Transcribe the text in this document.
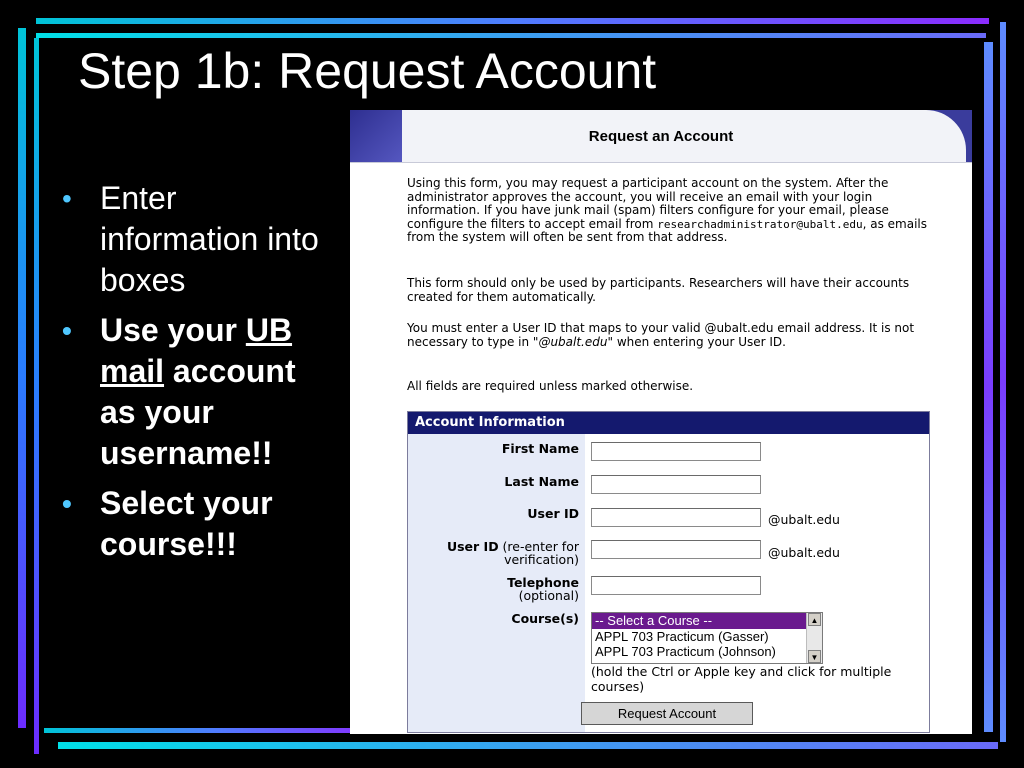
Step 1b: Request Account
• Enter information into boxes
• Use your UB mail account as your username!!
• Select your course!!!
Request an Account
Using this form, you may request a participant account on the system. After the administrator approves the account, you will receive an email with your login information. If you have junk mail (spam) filters configure for your email, please configure the filters to accept email from researchadministrator@ubalt.edu, as emails from the system will often be sent from that address.
This form should only be used by participants. Researchers will have their accounts created for them automatically.
You must enter a User ID that maps to your valid @ubalt.edu email address. It is not necessary to type in "@ubalt.edu" when entering your User ID.
All fields are required unless marked otherwise.
Account Information
First Name
Last Name
User ID	@ubalt.edu
User ID (re-enter for verification)	@ubalt.edu
Telephone
(optional)
Course(s) -- Select a Course --
APPL 703 Practicum (Gasser)
APPL 703 Practicum (Johnson)
▲
▼
(hold the Ctrl or Apple key and click for multiple courses)
Request Account
